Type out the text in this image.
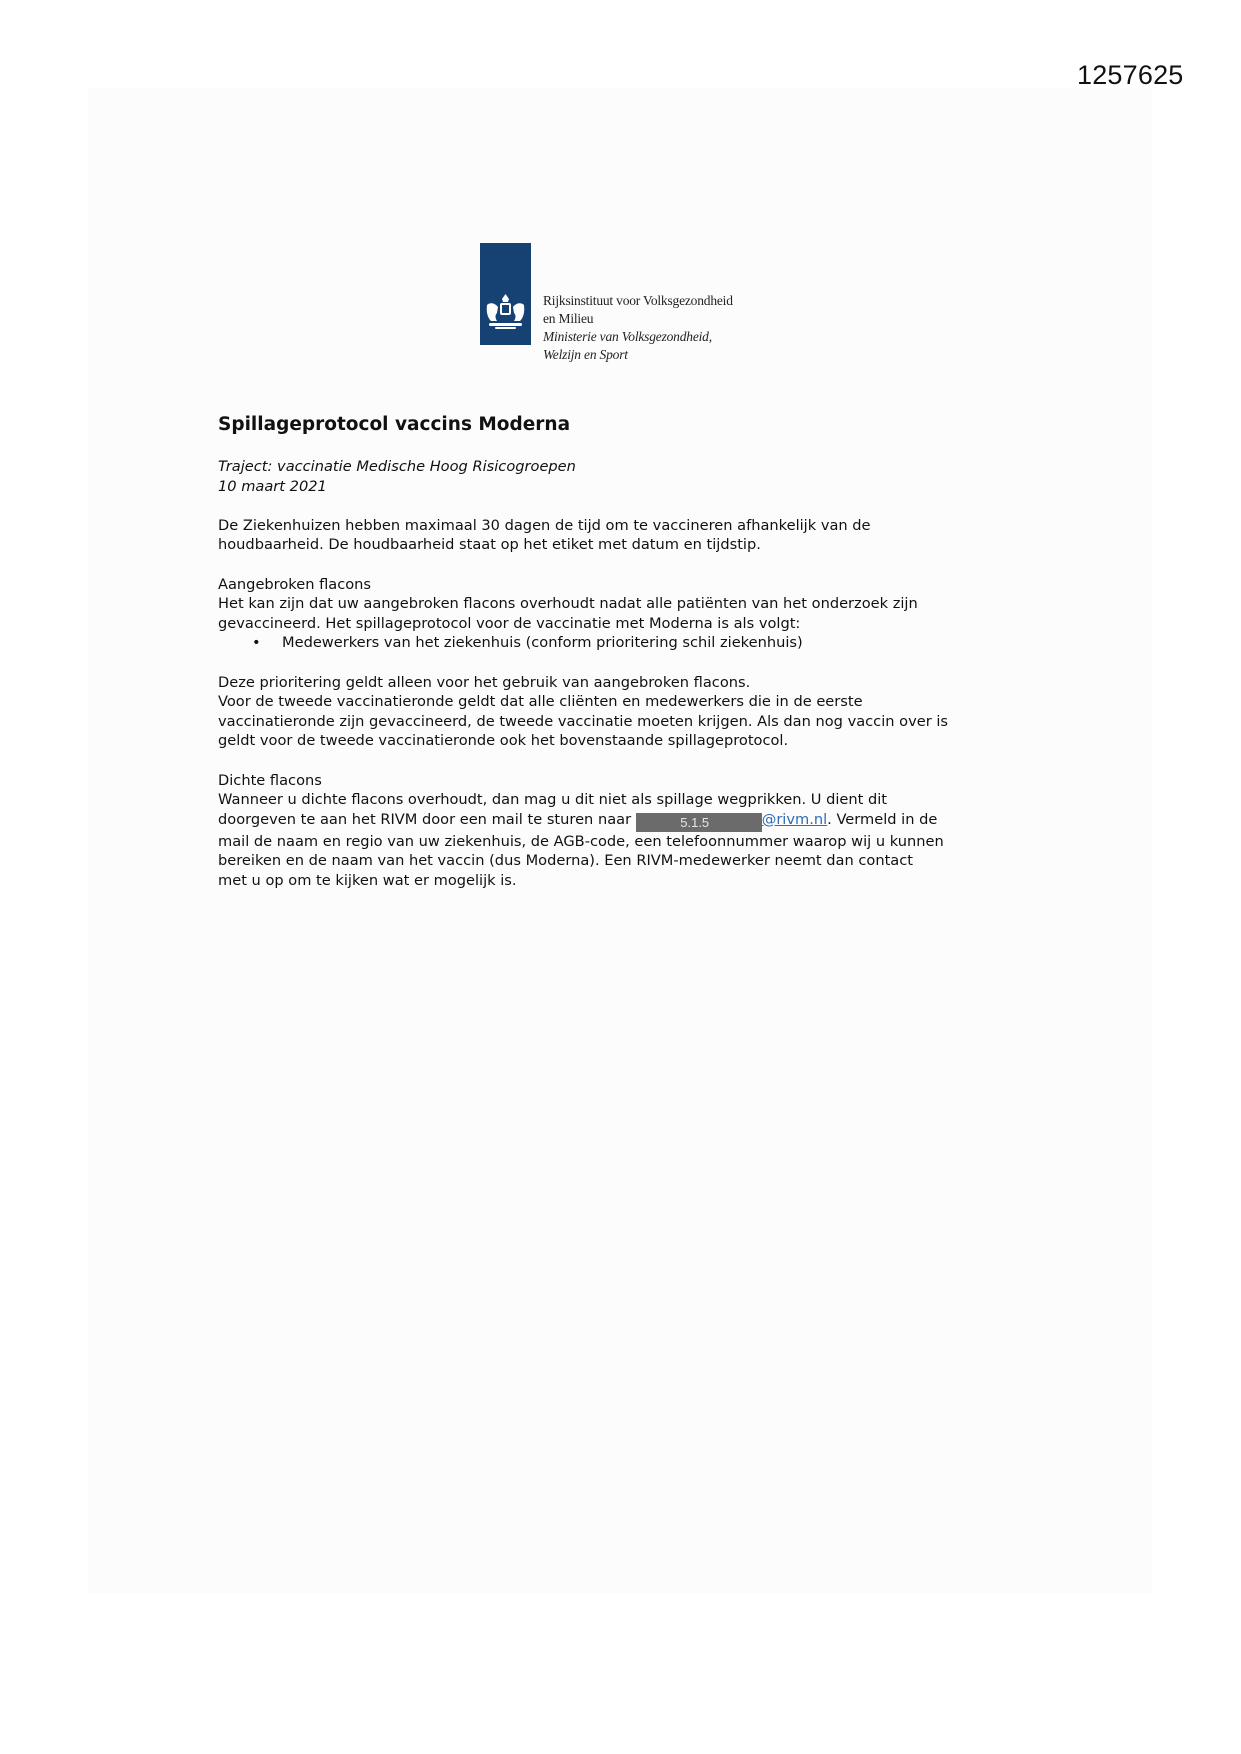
1257625
Rijksinstituut voor Volksgezondheid
en Milieu
Ministerie van Volksgezondheid,
Welzijn en Sport
Spillageprotocol vaccins Moderna

Traject: vaccinatie Medische Hoog Risicogroepen

10 maart 2021

De Ziekenhuizen hebben maximaal 30 dagen de tijd om te vaccineren afhankelijk van de

houdbaarheid. De houdbaarheid staat op het etiket met datum en tijdstip.

Aangebroken flacons

Het kan zijn dat uw aangebroken flacons overhoudt nadat alle patiënten van het onderzoek zijn

gevaccineerd. Het spillageprotocol voor de vaccinatie met Moderna is als volgt:

• Medewerkers van het ziekenhuis (conform prioritering schil ziekenhuis)

Deze prioritering geldt alleen voor het gebruik van aangebroken flacons.

Voor de tweede vaccinatieronde geldt dat alle cliënten en medewerkers die in de eerste

vaccinatieronde zijn gevaccineerd, de tweede vaccinatie moeten krijgen. Als dan nog vaccin over is

geldt voor de tweede vaccinatieronde ook het bovenstaande spillageprotocol.

Dichte flacons

Wanneer u dichte flacons overhoudt, dan mag u dit niet als spillage wegprikken. U dient dit

doorgeven te aan het RIVM door een mail te sturen naar	5.1.5	@rivm.nl. Vermeld in de

mail de naam en regio van uw ziekenhuis, de AGB-code, een telefoonnummer waarop wij u kunnen

bereiken en de naam van het vaccin (dus Moderna). Een RIVM-medewerker neemt dan contact

met u op om te kijken wat er mogelijk is.
